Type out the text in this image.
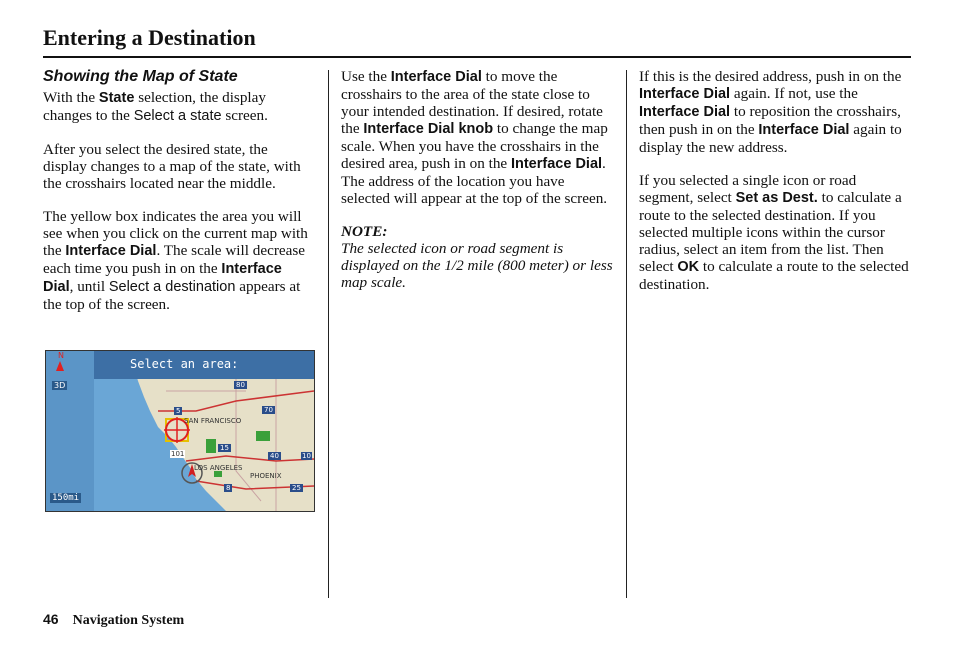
Entering a Destination
Showing the Map of State

With the State selection, the display changes to the Select a state screen.

After you select the desired state, the display changes to a map of the state, with the crosshairs located near the middle.

The yellow box indicates the area you will see when you click on the current map with the Interface Dial. The scale will decrease each time you push in on the Interface Dial, until Select a destination appears at the top of the screen.

Select an area:
N
3D
150mi
SAN FRANCISCO
LOS ANGELES
PHOENIX
80
70
15
40
101
8	25
10
5

Use the Interface Dial to move the crosshairs to the area of the state close to your intended destination. If desired, rotate the Interface Dial knob to change the map scale. When you have the crosshairs in the desired area, push in on the Interface Dial. The address of the location you have selected will appear at the top of the screen.

NOTE:

The selected icon or road segment is displayed on the 1/2 mile (800 meter) or less map scale.

If this is the desired address, push in on the Interface Dial again. If not, use the Interface Dial to reposition the crosshairs, then push in on the Interface Dial again to display the new address.

If you selected a single icon or road segment, select Set as Dest. to calculate a route to the selected destination. If you selected multiple icons within the cursor radius, select an item from the list. Then select OK to calculate a route to the selected destination.

46 Navigation System
